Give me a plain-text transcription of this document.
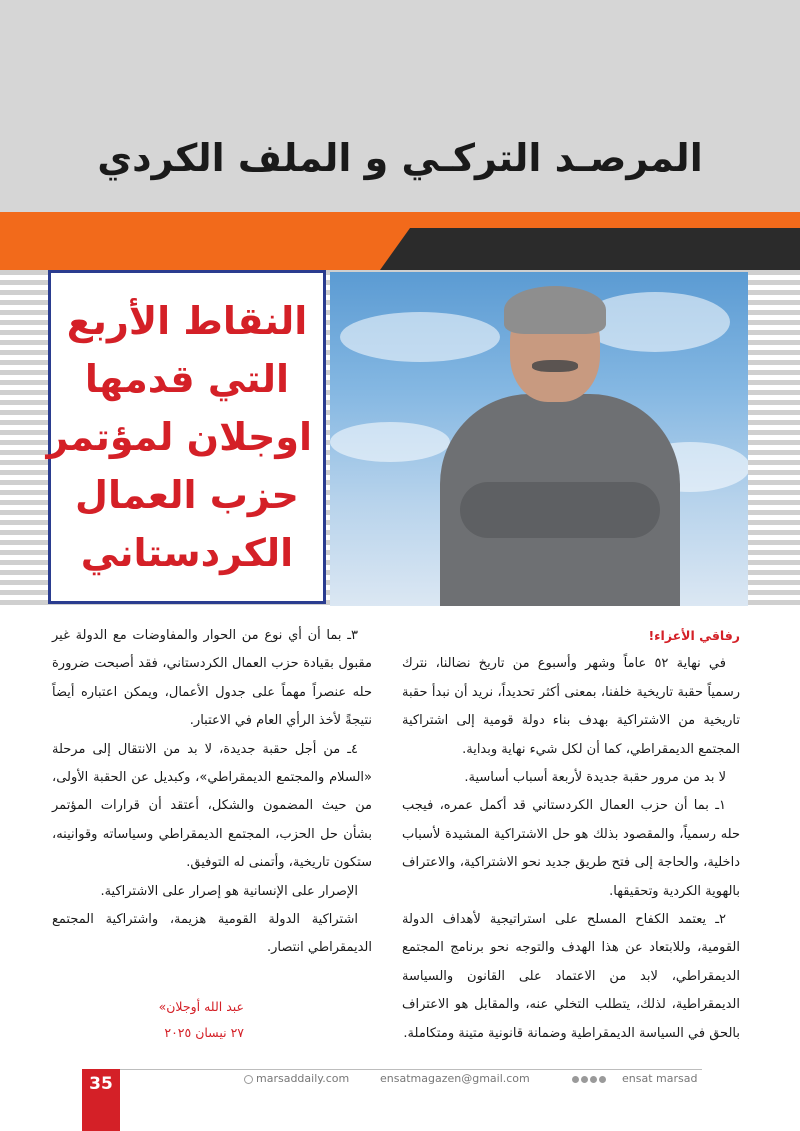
المرصـد التركـي و الملف الكردي
النقاط الأربع
التي قدمها
اوجلان لمؤتمر
حزب العمال
الكردستاني

رفاقي الأعزاء!

في نهاية ٥٢ عاماً وشهر وأسبوع من تاريخ نضالنا، نترك رسمياً حقبة تاريخية خلفنا، بمعنى أكثر تحديداً، نريد أن نبدأ حقبة تاريخية من الاشتراكية بهدف بناء دولة قومية إلى اشتراكية المجتمع الديمقراطي، كما أن لكل شيء نهاية وبداية.

لا بد من مرور حقبة جديدة لأربعة أسباب أساسية.

١ـ بما أن حزب العمال الكردستاني قد أكمل عمره، فيجب حله رسمياً، والمقصود بذلك هو حل الاشتراكية المشيدة لأسباب داخلية، والحاجة إلى فتح طريق جديد نحو الاشتراكية، والاعتراف بالهوية الكردية وتحقيقها.

٢ـ يعتمد الكفاح المسلح على استراتيجية لأهداف الدولة القومية، وللابتعاد عن هذا الهدف والتوجه نحو برنامج المجتمع الديمقراطي، لابد من الاعتماد على القانون والسياسة الديمقراطية، لذلك، يتطلب التخلي عنه، والمقابل هو الاعتراف بالحق في السياسة الديمقراطية وضمانة قانونية متينة ومتكاملة.

٣ـ بما أن أي نوع من الحوار والمفاوضات مع الدولة غير مقبول بقيادة حزب العمال الكردستاني، فقد أصبحت ضرورة حله عنصراً مهماً على جدول الأعمال، ويمكن اعتباره أيضاً نتيجةً لأخذ الرأي العام في الاعتبار.

٤ـ من أجل حقبة جديدة، لا بد من الانتقال إلى مرحلة «السلام والمجتمع الديمقراطي»، وكبديل عن الحقبة الأولى، من حيث المضمون والشكل، أعتقد أن قرارات المؤتمر بشأن حل الحزب، المجتمع الديمقراطي وسياساته وقوانينه، ستكون تاريخية، وأتمنى له التوفيق.

الإصرار على الإنسانية هو إصرار على الاشتراكية.

اشتراكية الدولة القومية هزيمة، واشتراكية المجتمع الديمقراطي انتصار.

عبد الله أوجلان»
٢٧ نيسان ٢٠٢٥
35	marsaddaily.com	ensatmagazen@gmail.com	ensat marsad
